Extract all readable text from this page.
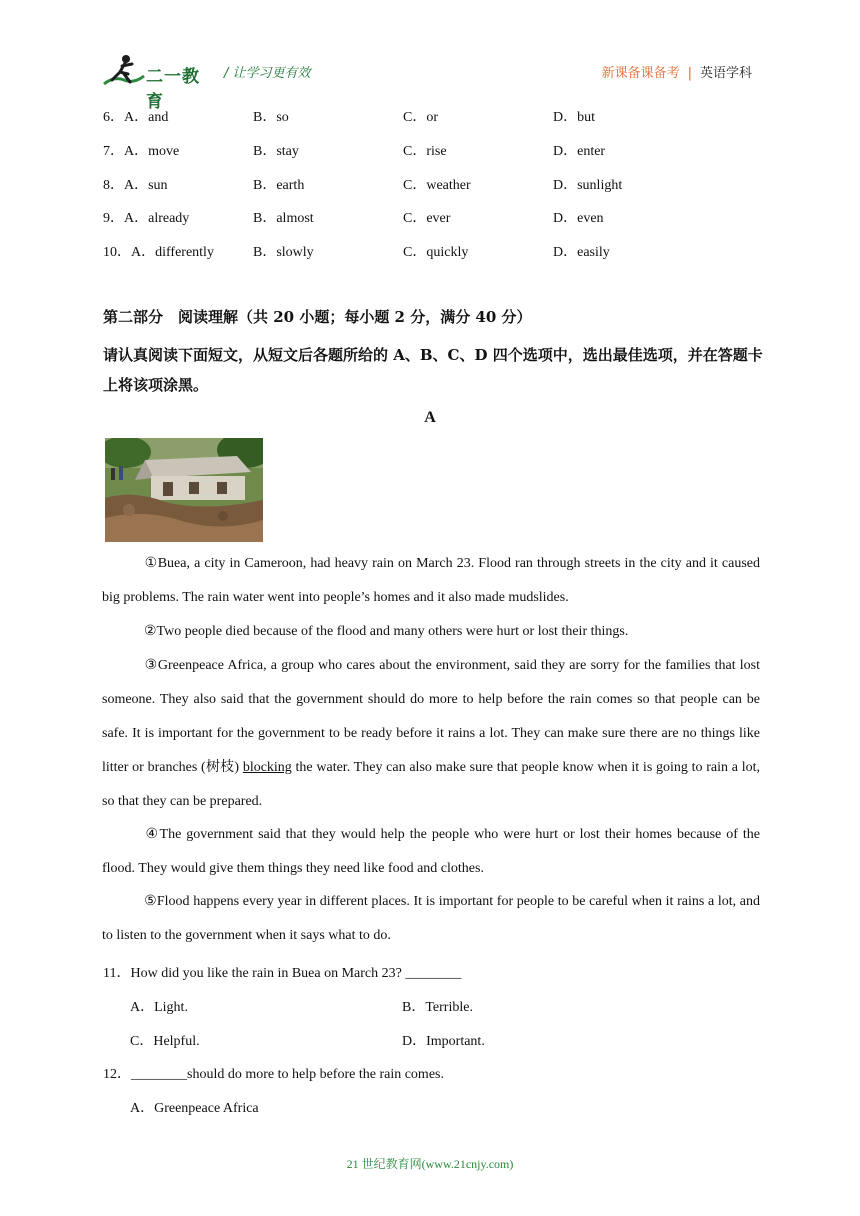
二一教育
/ 让学习更有效	新课备课备考 | 英语学科
6．A．and	B．so	C．or	D．but
7．A．move	B．stay	C．rise	D．enter
8．A．sun	B．earth	C．weather	D．sunlight
9．A．already	B．almost	C．ever	D．even
10．A．differently	B．slowly	C．quickly	D．easily
第二部分　阅读理解（共 20 小题；每小题 2 分，满分 40 分）
请认真阅读下面短文，从短文后各题所给的 A、B、C、D 四个选项中，选出最佳选项，并在答题卡上将该项涂黑。
A
①Buea, a city in Cameroon, had heavy rain on March 23. Flood ran through streets in the city and it caused big problems. The rain water went into people’s homes and it also made mudslides.
②Two people died because of the flood and many others were hurt or lost their things.
③Greenpeace Africa, a group who cares about the environment, said they are sorry for the families that lost someone. They also said that the government should do more to help before the rain comes so that people can be safe. It is important for the government to be ready before it rains a lot. They can make sure there are no things like litter or branches (树枝) blocking the water. They can also make sure that people know when it is going to rain a lot, so that they can be prepared.
④The government said that they would help the people who were hurt or lost their homes because of the flood. They would give them things they need like food and clothes.
⑤Flood happens every year in different places. It is important for people to be careful when it rains a lot, and to listen to the government when it says what to do.
11．How did you like the rain in Buea on March 23? ________
A．Light.	B．Terrible.
C．Helpful.	D．Important.
12．________should do more to help before the rain comes.
A．Greenpeace Africa
21 世纪教育网(www.21cnjy.com)
